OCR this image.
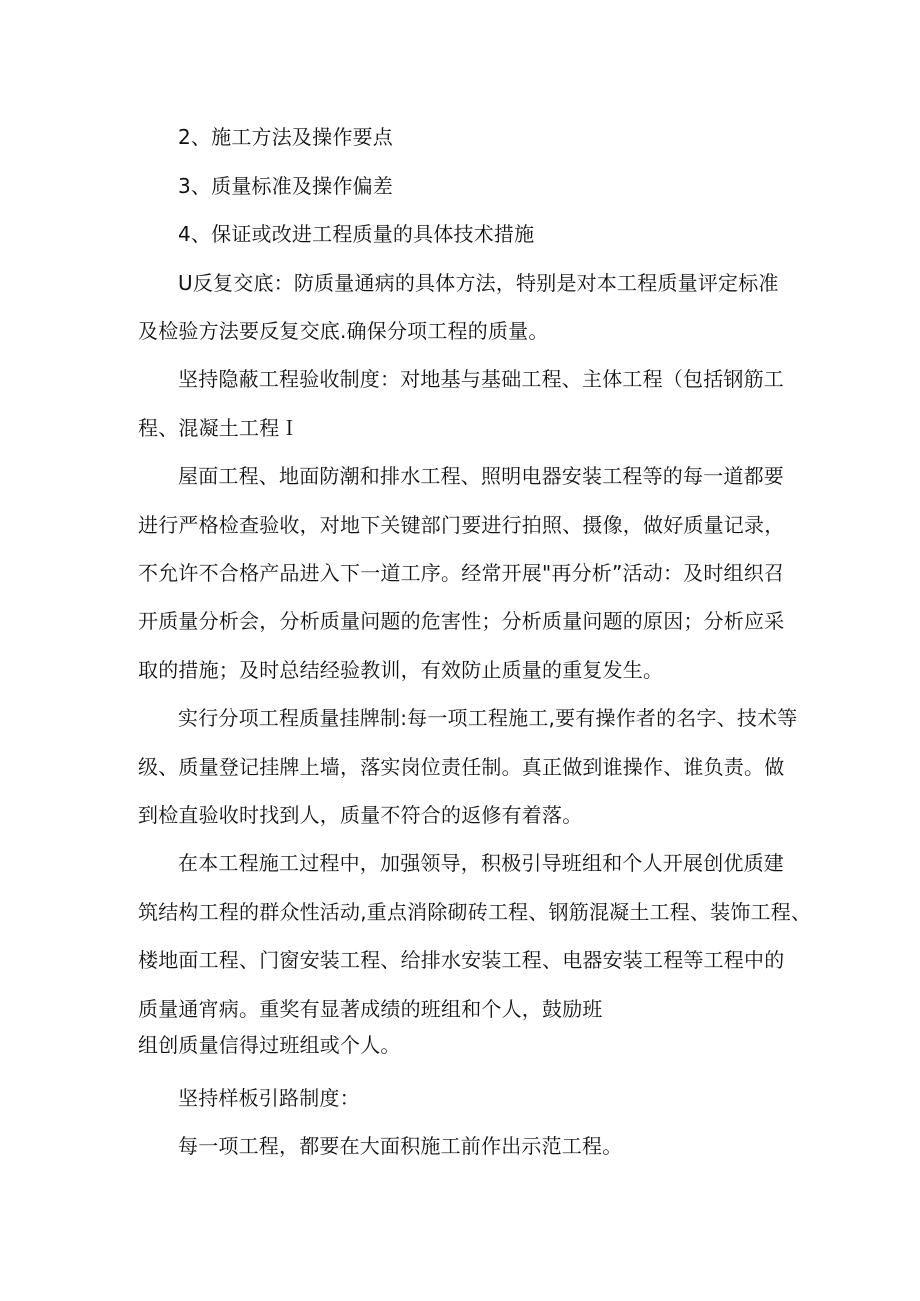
2、施工方法及操作要点
3、质量标准及操作偏差
4、保证或改进工程质量的具体技术措施
U反复交底：防质量通病的具体方法，特别是对本工程质量评定标准
及检验方法要反复交底.确保分项工程的质量。
坚持隐蔽工程验收制度：对地基与基础工程、主体工程（包括钢筋工
程、混凝土工程Ｉ
屋面工程、地面防潮和排水工程、照明电器安装工程等的每一道都要
进行严格检查验收，对地下关键部门要进行拍照、摄像，做好质量记录，
不允许不合格产品进入下一道工序。经常开展"再分析”活动：及时组织召
开质量分析会，分析质量问题的危害性；分析质量问题的原因；分析应采
取的措施；及时总结经验教训，有效防止质量的重复发生。
实行分项工程质量挂牌制:每一项工程施工,要有操作者的名字、技术等
级、质量登记挂牌上墙，落实岗位责任制。真正做到谁操作、谁负责。做
到检直验收时找到人，质量不符合的返修有着落。
在本工程施工过程中，加强领导，积极引导班组和个人开展创优质建
筑结构工程的群众性活动,重点消除砌砖工程、钢筋混凝土工程、装饰工程、
楼地面工程、门窗安装工程、给排水安装工程、电器安装工程等工程中的
质量通宵病。重奖有显著成绩的班组和个人，鼓励班
组创质量信得过班组或个人。
坚持样板引路制度：
每一项工程，都要在大面积施工前作出示范工程。
